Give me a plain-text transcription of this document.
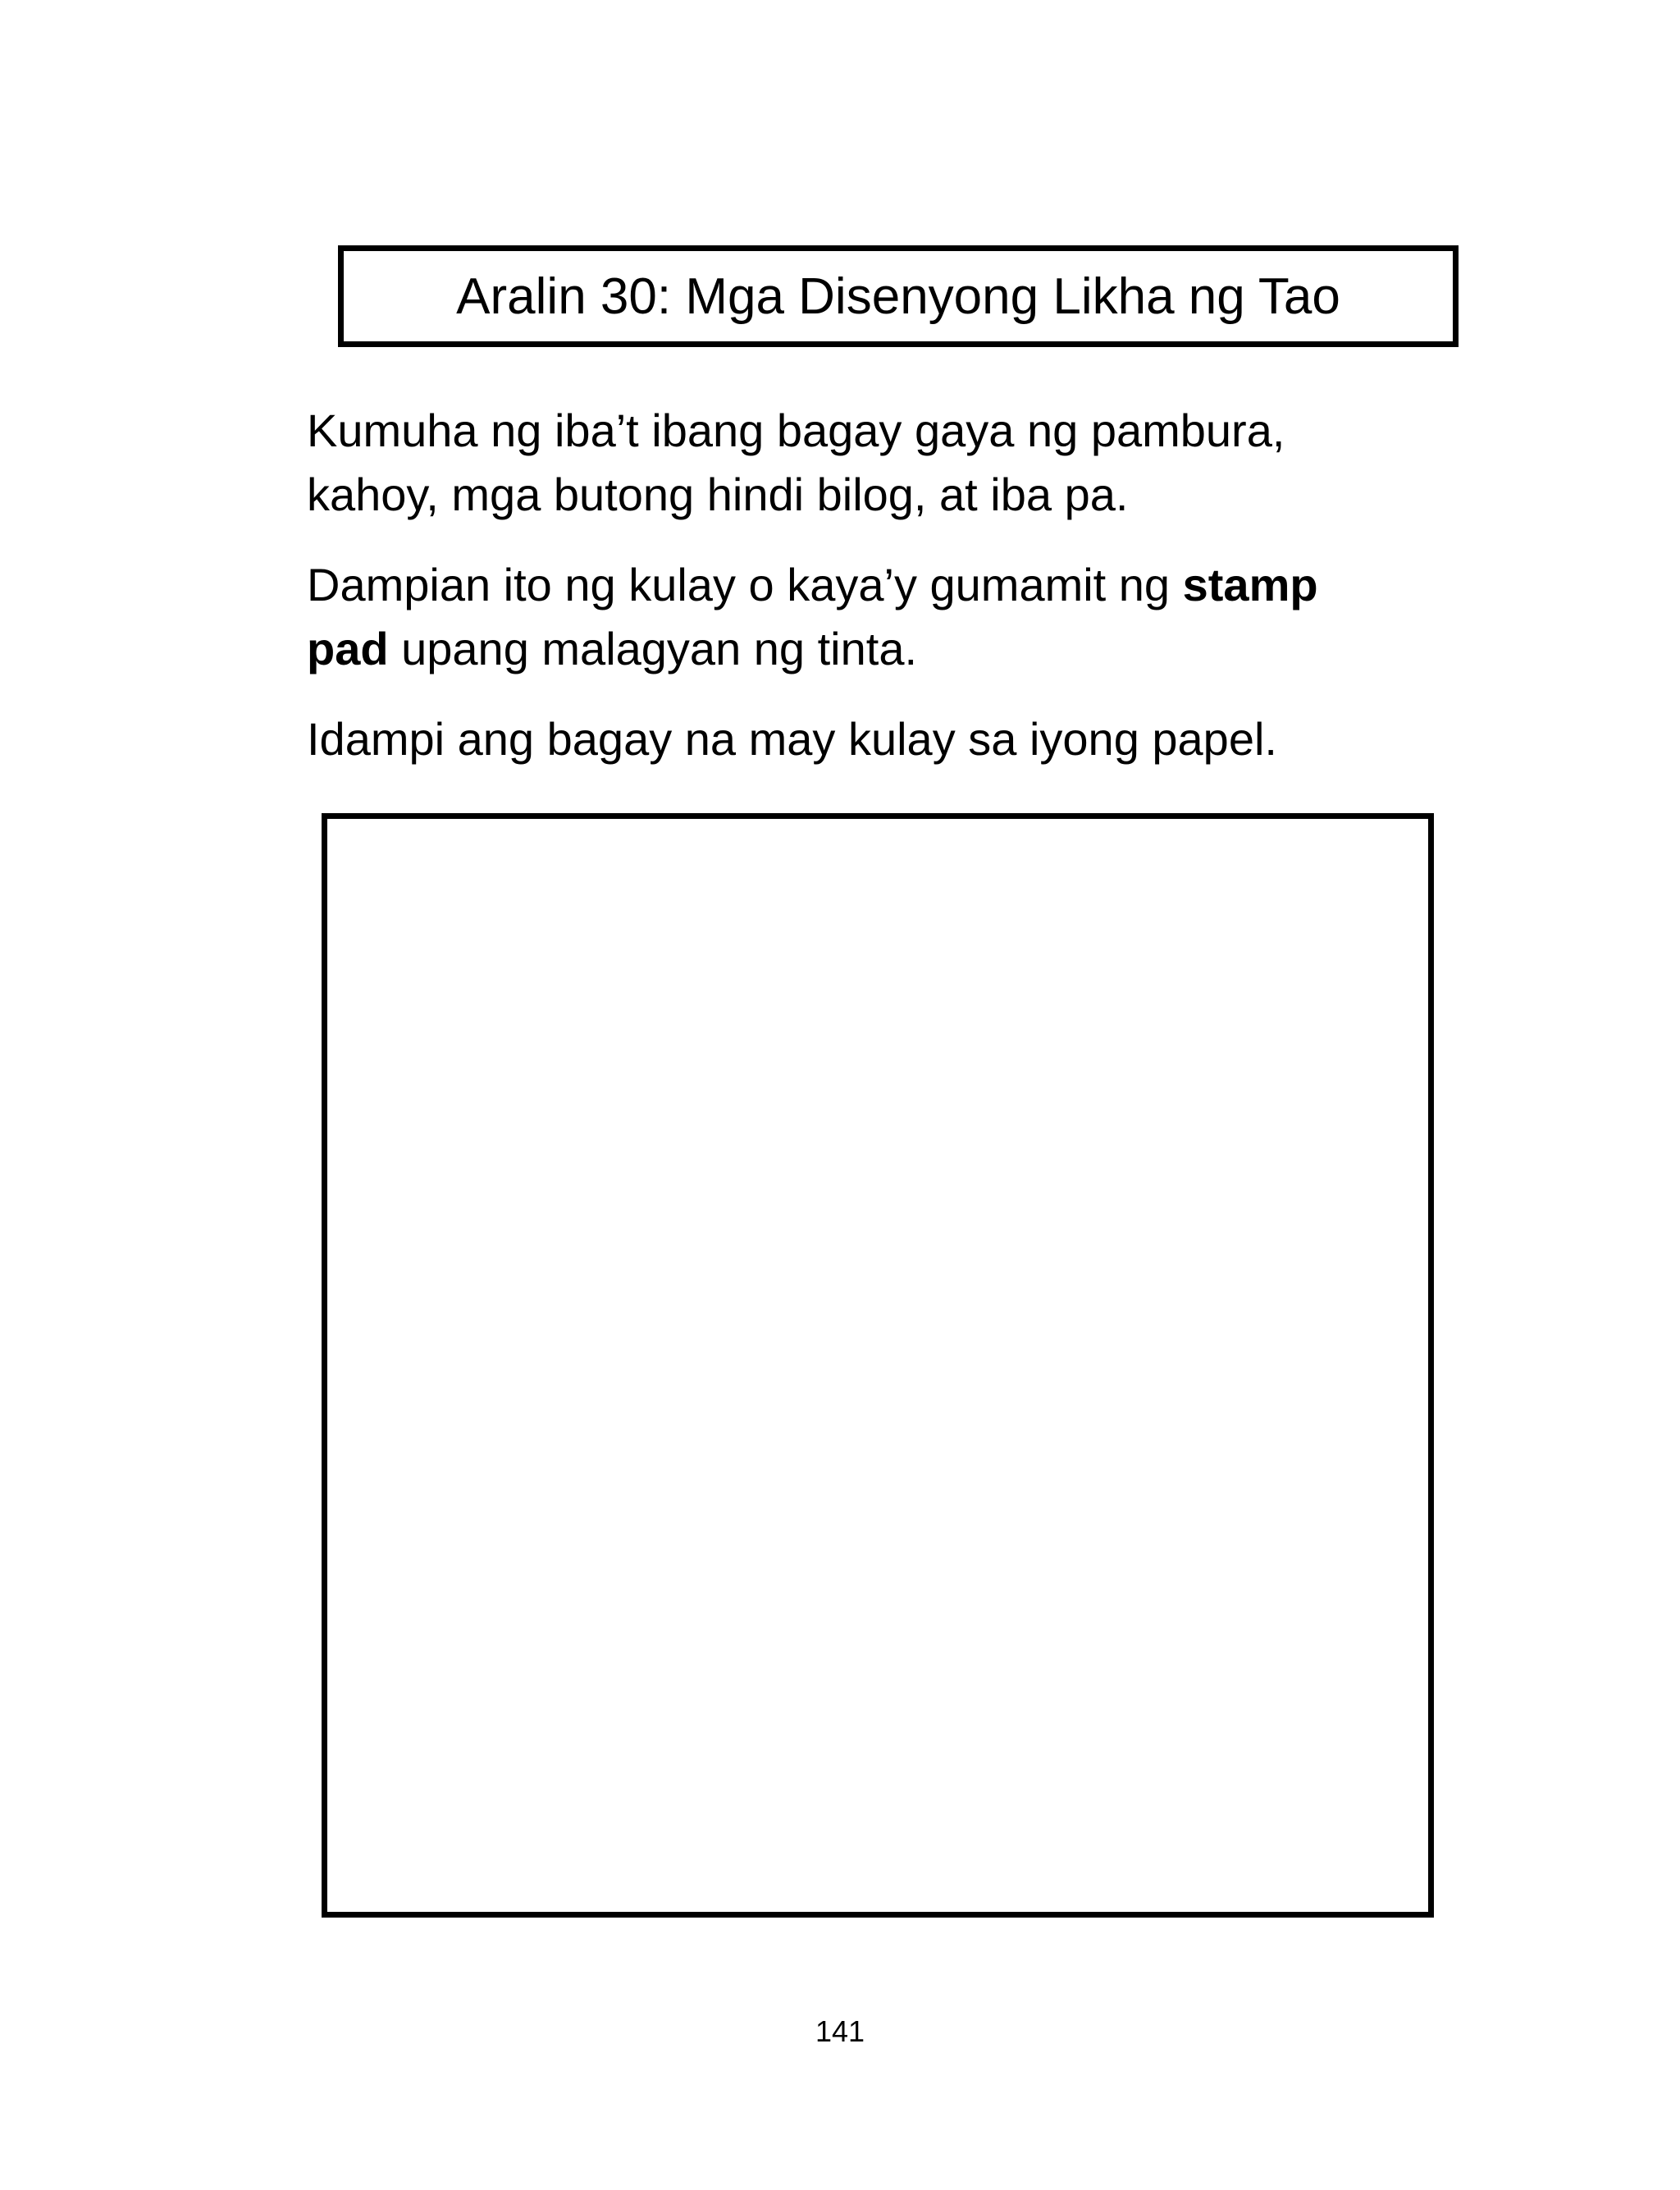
Aralin 30: Mga Disenyong Likha ng Tao

Kumuha ng iba’t ibang bagay gaya ng pambura,
kahoy, mga butong hindi bilog, at iba pa.

Dampian ito ng kulay o kaya’y gumamit ng stamp
pad upang malagyan ng tinta.

Idampi ang bagay na may kulay sa iyong papel.

141
